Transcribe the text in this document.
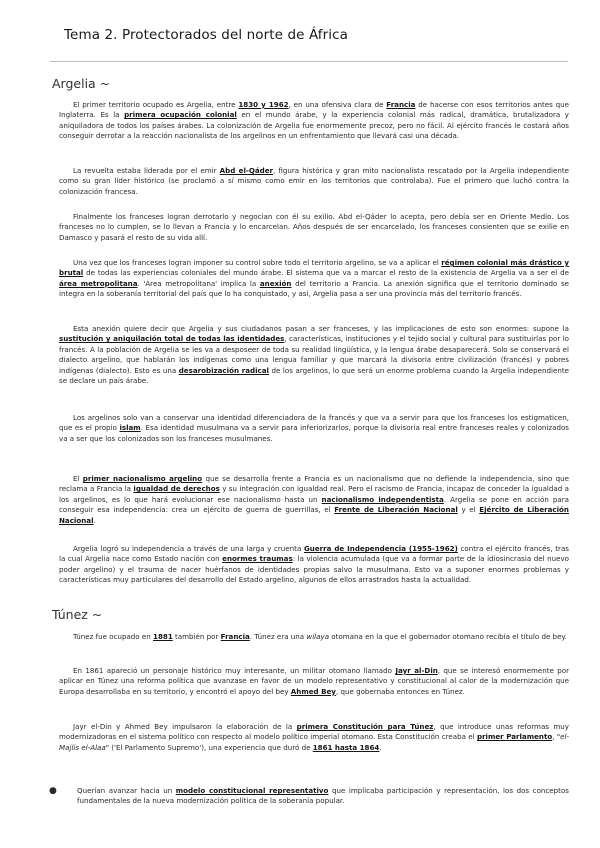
Tema 2. Protectorados del norte de África
Argelia ~
El primer territorio ocupado es Argelia, entre 1830 y 1962, en una ofensiva clara de Francia de hacerse con esos territorios antes que Inglaterra. Es la primera ocupación colonial en el mundo árabe, y la experiencia colonial más radical, dramática, brutalizadora y aniquiladora de todos los países árabes. La colonización de Argelia fue enormemente precoz, pero no fácil. Al ejército francés le costará años conseguir derrotar a la reacción nacionalista de los argelinos en un enfrentamiento que llevará casi una década.
La revuelta estaba liderada por el emir Abd el-Qáder, figura histórica y gran mito nacionalista rescatado por la Argelia independiente como su gran líder histórico (se proclamó a sí mismo como emir en los territorios que controlaba). Fue el primero que luchó contra la colonización francesa.
Finalmente los franceses logran derrotarlo y negocian con él su exilio. Abd el-Qáder lo acepta, pero debía ser en Oriente Medio. Los franceses no lo cumplen, se lo llevan a Francia y lo encarcelan. Años después de ser encarcelado, los franceses consienten que se exilie en Damasco y pasará el resto de su vida allí.
Una vez que los franceses logran imponer su control sobre todo el territorio argelino, se va a aplicar el régimen colonial más drástico y brutal de todas las experiencias coloniales del mundo árabe. El sistema que va a marcar el resto de la existencia de Argelia va a ser el de área metropolitana. 'Área metropolitana' implica la anexión del territorio a Francia. La anexión significa que el territorio dominado se integra en la soberanía territorial del país que lo ha conquistado, y así, Argelia pasa a ser una provincia más del territorio francés.
Esta anexión quiere decir que Argelia y sus ciudadanos pasan a ser franceses, y las implicaciones de esto son enormes: supone la sustitución y aniquilación total de todas las identidades, características, instituciones y el tejido social y cultural para sustituirlas por lo francés. A la población de Argelia se les va a desposeer de toda su realidad lingüística, y la lengua árabe desaparecerá. Solo se conservará el dialecto argelino, que hablarán los indígenas como una lengua familiar y que marcará la divisoria entre civilización (francés) y pobres indígenas (dialecto). Esto es una desarobización radical de los argelinos, lo que será un enorme problema cuando la Argelia independiente se declare un país árabe.
Los argelinos solo van a conservar una identidad diferenciadora de la francés y que va a servir para que los franceses los estigmaticen, que es el propio islam. Esa identidad musulmana va a servir para inferiorizarlos, porque la divisoria real entre franceses reales y colonizados va a ser que los colonizados son los franceses musulmanes.
El primer nacionalismo argelino que se desarrolla frente a Francia es un nacionalismo que no defiende la independencia, sino que reclama a Francia la igualdad de derechos y su integración con igualdad real. Pero el racismo de Francia, incapaz de conceder la igualdad a los argelinos, es lo que hará evolucionar ese nacionalismo hasta un nacionalismo independentista. Argelia se pone en acción para conseguir esa independencia: crea un ejército de guerra de guerrillas, el Frente de Liberación Nacional y el Ejército de Liberación Nacional.
Argelia logró su independencia a través de una larga y cruenta Guerra de Independencia (1955-1962) contra el ejército francés, tras la cual Argelia nace como Estado nación con enormes traumas: la violencia acumulada (que va a formar parte de la idiosincrasia del nuevo poder argelino) y el trauma de nacer huérfanos de identidades propias salvo la musulmana. Esto va a suponer enormes problemas y características muy particulares del desarrollo del Estado argelino, algunos de ellos arrastrados hasta la actualidad.
Túnez ~
Túnez fue ocupado en 1881 también por Francia. Túnez era una wilaya otomana en la que el gobernador otomano recibía el título de bey.
En 1861 apareció un personaje histórico muy interesante, un militar otomano llamado Jayr al-Din, que se interesó enormemente por aplicar en Túnez una reforma política que avanzase en favor de un modelo representativo y constitucional al calor de la modernización que Europa desarrollaba en su territorio, y encontró el apoyo del bey Ahmed Bey, que gobernaba entonces en Túnez.
Jayr el-Din y Ahmed Bey impulsaron la elaboración de la primera Constitución para Túnez, que introduce unas reformas muy modernizadoras en el sistema político con respecto al modelo político imperial otomano. Esta Constitución creaba el primer Parlamento, "el-Majlis el-Alaa" ('El Parlamento Supremo'), una experiencia que duró de 1861 hasta 1864.
●	Querían avanzar hacia un modelo constitucional representativo que implicaba participación y representación, los dos conceptos fundamentales de la nueva modernización política de la soberanía popular.
